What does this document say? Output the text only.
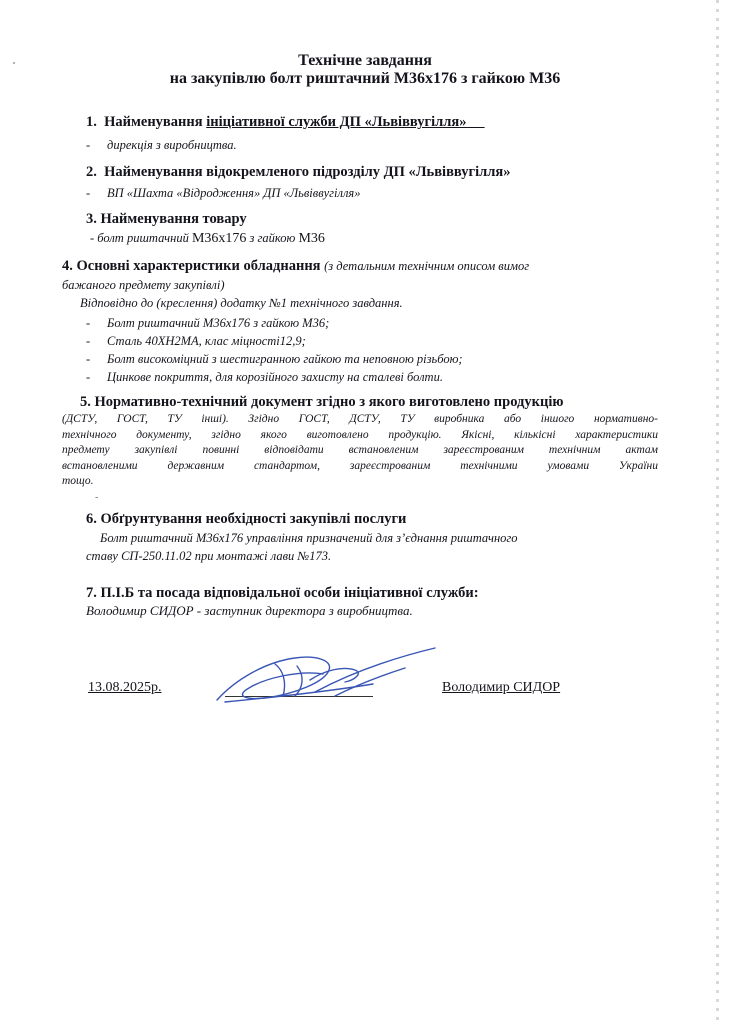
Технічне завдання
на закупівлю болт риштачний М36х176 з гайкою М36
1. Найменування ініціативної служби ДП «Львіввугілля»
- дирекція з виробництва.
2. Найменування відокремленого підрозділу ДП «Львіввугілля»
- ВП «Шахта «Відродження» ДП «Львіввугілля»
3. Найменування товару
- болт риштачний М36х176 з гайкою М36
4. Основні характеристики обладнання (з детальним технічним описом вимог
бажаного предмету закупівлі)
Відповідно до (креслення) додатку №1 технічного завдання.
- Болт риштачний М36х176 з гайкою М36;
- Сталь 40ХН2МА, клас міцності12,9;
- Болт високоміцний з шестигранною гайкою та неповною різьбою;
- Цинкове покриття, для корозійного захисту на сталеві болти.
5. Нормативно-технічний документ згідно з якого виготовлено продукцію
(ДСТУ, ГОСТ, ТУ інші). Згідно ГОСТ, ДСТУ, ТУ виробника або іншого нормативно-
технічного документу, згідно якого виготовлено продукцію. Якісні, кількісні характеристики
предмету закупівлі повинні відповідати встановленим зареєстрованим технічним актам
встановленими державним стандартом, зареєстрованим технічними умовами України
тощо.
-
6. Обґрунтування необхідності закупівлі послуги
Болт риштачний М36х176 управління призначений для з’єднання риштачного
ставу СП-250.11.02 при монтажі лави №173.
7. П.І.Б та посада відповідальної особи ініціативної служби:
Володимир СИДОР - заступник директора з виробництва.
13.08.2025р.	Володимир СИДОР
